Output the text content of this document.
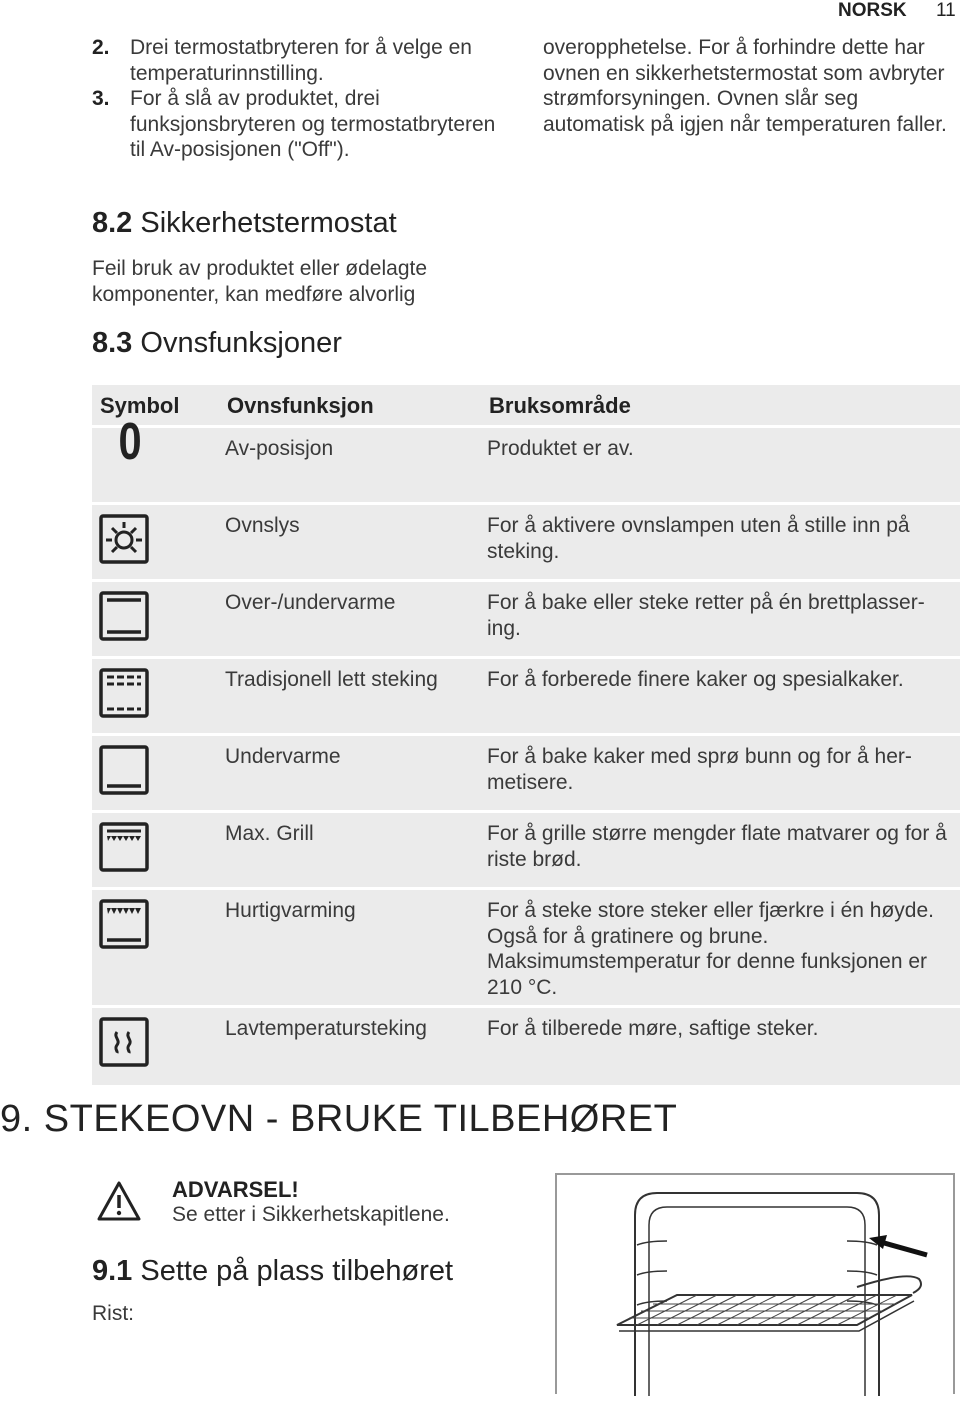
NORSK 11
2. Drei termostatbryteren for å velge en temperaturinnstilling.
3. For å slå av produktet, drei funksjonsbryteren og termostatbryteren til Av-posisjonen ("Off").
overopphetelse. For å forhindre dette har ovnen en sikkerhetstermostat som avbryter strømforsyningen. Ovnen slår seg automatisk på igjen når temperaturen faller.
8.2 Sikkerhetstermostat
Feil bruk av produktet eller ødelagte komponenter, kan medføre alvorlig
8.3 Ovnsfunksjoner
Symbol	Ovnsfunksjon	Bruksområde

0	Av-posisjon	Produktet er av.

	Ovnslys	For å aktivere ovnslampen uten å stille inn på steking.

	Over-/undervarme	For å bake eller steke retter på én brettplasser-ing.

	Tradisjonell lett steking	For å forberede finere kaker og spesialkaker.

	Undervarme	For å bake kaker med sprø bunn og for å her-metisere.

	Max. Grill	For å grille større mengder flate matvarer og for å riste brød.

	Hurtigvarming	For å steke store steker eller fjærkre i én høyde. Også for å gratinere og brune. Maksimumstemperatur for denne funksjonen er 210 °C.

	Lavtemperatursteking	For å tilberede møre, saftige steker.
9. STEKEOVN - BRUKE TILBEHØRET
ADVARSEL!
Se etter i Sikkerhetskapitlene.
9.1 Sette på plass tilbehøret
Rist:
